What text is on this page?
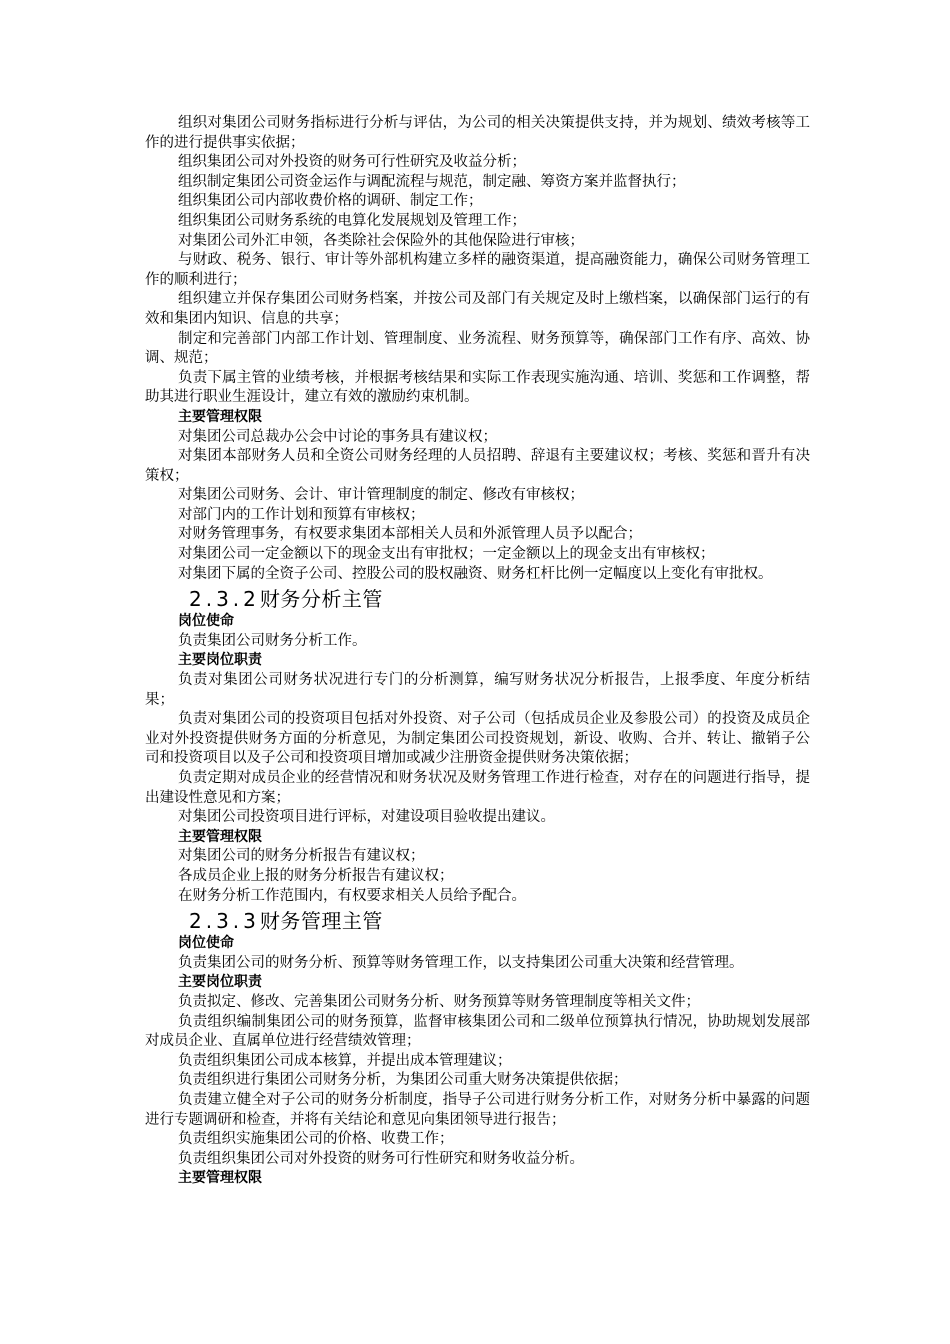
组织对集团公司财务指标进行分析与评估，为公司的相关决策提供支持，并为规划、绩效考核等工作的进行提供事实依据；

组织集团公司对外投资的财务可行性研究及收益分析；

组织制定集团公司资金运作与调配流程与规范，制定融、筹资方案并监督执行；

组织集团公司内部收费价格的调研、制定工作；

组织集团公司财务系统的电算化发展规划及管理工作；

对集团公司外汇申领，各类除社会保险外的其他保险进行审核；

与财政、税务、银行、审计等外部机构建立多样的融资渠道，提高融资能力，确保公司财务管理工作的顺利进行；

组织建立并保存集团公司财务档案，并按公司及部门有关规定及时上缴档案，以确保部门运行的有效和集团内知识、信息的共享；

制定和完善部门内部工作计划、管理制度、业务流程、财务预算等，确保部门工作有序、高效、协调、规范；

负责下属主管的业绩考核，并根据考核结果和实际工作表现实施沟通、培训、奖惩和工作调整，帮助其进行职业生涯设计，建立有效的激励约束机制。

主要管理权限

对集团公司总裁办公会中讨论的事务具有建议权；

对集团本部财务人员和全资公司财务经理的人员招聘、辞退有主要建议权；考核、奖惩和晋升有决策权；

对集团公司财务、会计、审计管理制度的制定、修改有审核权；

对部门内的工作计划和预算有审核权；

对财务管理事务，有权要求集团本部相关人员和外派管理人员予以配合；

对集团公司一定金额以下的现金支出有审批权；一定金额以上的现金支出有审核权；

对集团下属的全资子公司、控股公司的股权融资、财务杠杆比例一定幅度以上变化有审批权。

2.3.2财务分析主管
岗位使命

负责集团公司财务分析工作。

主要岗位职责

负责对集团公司财务状况进行专门的分析测算，编写财务状况分析报告，上报季度、年度分析结果；

负责对集团公司的投资项目包括对外投资、对子公司（包括成员企业及参股公司）的投资及成员企业对外投资提供财务方面的分析意见，为制定集团公司投资规划，新设、收购、合并、转让、撤销子公司和投资项目以及子公司和投资项目增加或减少注册资金提供财务决策依据；

负责定期对成员企业的经营情况和财务状况及财务管理工作进行检查，对存在的问题进行指导，提出建设性意见和方案；

对集团公司投资项目进行评标，对建设项目验收提出建议。

主要管理权限

对集团公司的财务分析报告有建议权；

各成员企业上报的财务分析报告有建议权；

在财务分析工作范围内，有权要求相关人员给予配合。

2.3.3财务管理主管
岗位使命

负责集团公司的财务分析、预算等财务管理工作，以支持集团公司重大决策和经营管理。

主要岗位职责

负责拟定、修改、完善集团公司财务分析、财务预算等财务管理制度等相关文件；

负责组织编制集团公司的财务预算，监督审核集团公司和二级单位预算执行情况，协助规划发展部对成员企业、直属单位进行经营绩效管理；

负责组织集团公司成本核算，并提出成本管理建议；

负责组织进行集团公司财务分析，为集团公司重大财务决策提供依据；

负责建立健全对子公司的财务分析制度，指导子公司进行财务分析工作，对财务分析中暴露的问题进行专题调研和检查，并将有关结论和意见向集团领导进行报告；

负责组织实施集团公司的价格、收费工作；

负责组织集团公司对外投资的财务可行性研究和财务收益分析。

主要管理权限
